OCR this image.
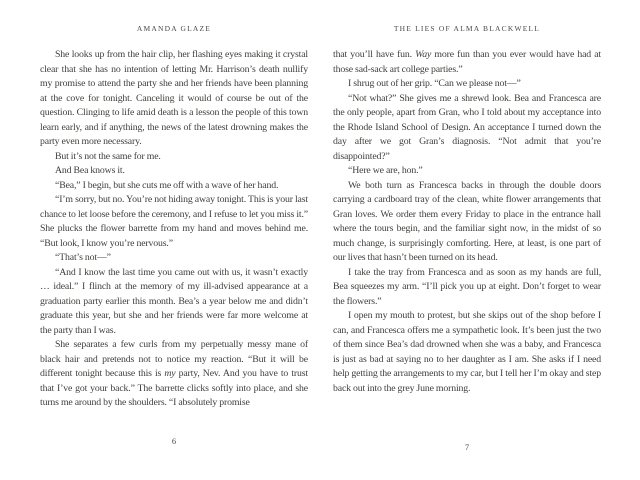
AMANDA GLAZE

She looks up from the hair clip, her flashing eyes making it crystal clear that she has no intention of letting Mr. Harrison’s death nullify my promise to attend the party she and her friends have been planning at the cove for tonight. Canceling it would of course be out of the question. Clinging to life amid death is a lesson the people of this town learn early, and if anything, the news of the latest drowning makes the party even more necessary.

But it’s not the same for me.

And Bea knows it.

“Bea,” I begin, but she cuts me off with a wave of her hand.

“I’m sorry, but no. You’re not hiding away tonight. This is your last chance to let loose before the ceremony, and I refuse to let you miss it.” She plucks the flower barrette from my hand and moves behind me. “But look, I know you’re nervous.”

“That’s not—”

“And I know the last time you came out with us, it wasn’t exactly … ideal.” I flinch at the memory of my ill-advised appearance at a graduation party earlier this month. Bea’s a year below me and didn’t graduate this year, but she and her friends were far more welcome at the party than I was.

She separates a few curls from my perpetually messy mane of black hair and pretends not to notice my reaction. “But it will be different tonight because this is my party, Nev. And you have to trust that I’ve got your back.” The barrette clicks softly into place, and she turns me around by the shoulders. “I absolutely promise

6
THE LIES OF ALMA BLACKWELL

that you’ll have fun. Way more fun than you ever would have had at those sad-sack art college parties.”

I shrug out of her grip. “Can we please not—”

“Not what?” She gives me a shrewd look. Bea and Francesca are the only people, apart from Gran, who I told about my acceptance into the Rhode Island School of Design. An acceptance I turned down the day after we got Gran’s diagnosis. “Not admit that you’re disappointed?”

“Here we are, hon.”

We both turn as Francesca backs in through the double doors carrying a cardboard tray of the clean, white flower arrangements that Gran loves. We order them every Friday to place in the entrance hall where the tours begin, and the familiar sight now, in the midst of so much change, is surprisingly comforting. Here, at least, is one part of our lives that hasn’t been turned on its head.

I take the tray from Francesca and as soon as my hands are full, Bea squeezes my arm. “I’ll pick you up at eight. Don’t forget to wear the flowers.”

I open my mouth to protest, but she skips out of the shop before I can, and Francesca offers me a sympathetic look. It’s been just the two of them since Bea’s dad drowned when she was a baby, and Francesca is just as bad at saying no to her daughter as I am. She asks if I need help getting the arrangements to my car, but I tell her I’m okay and step back out into the grey June morning.

7
